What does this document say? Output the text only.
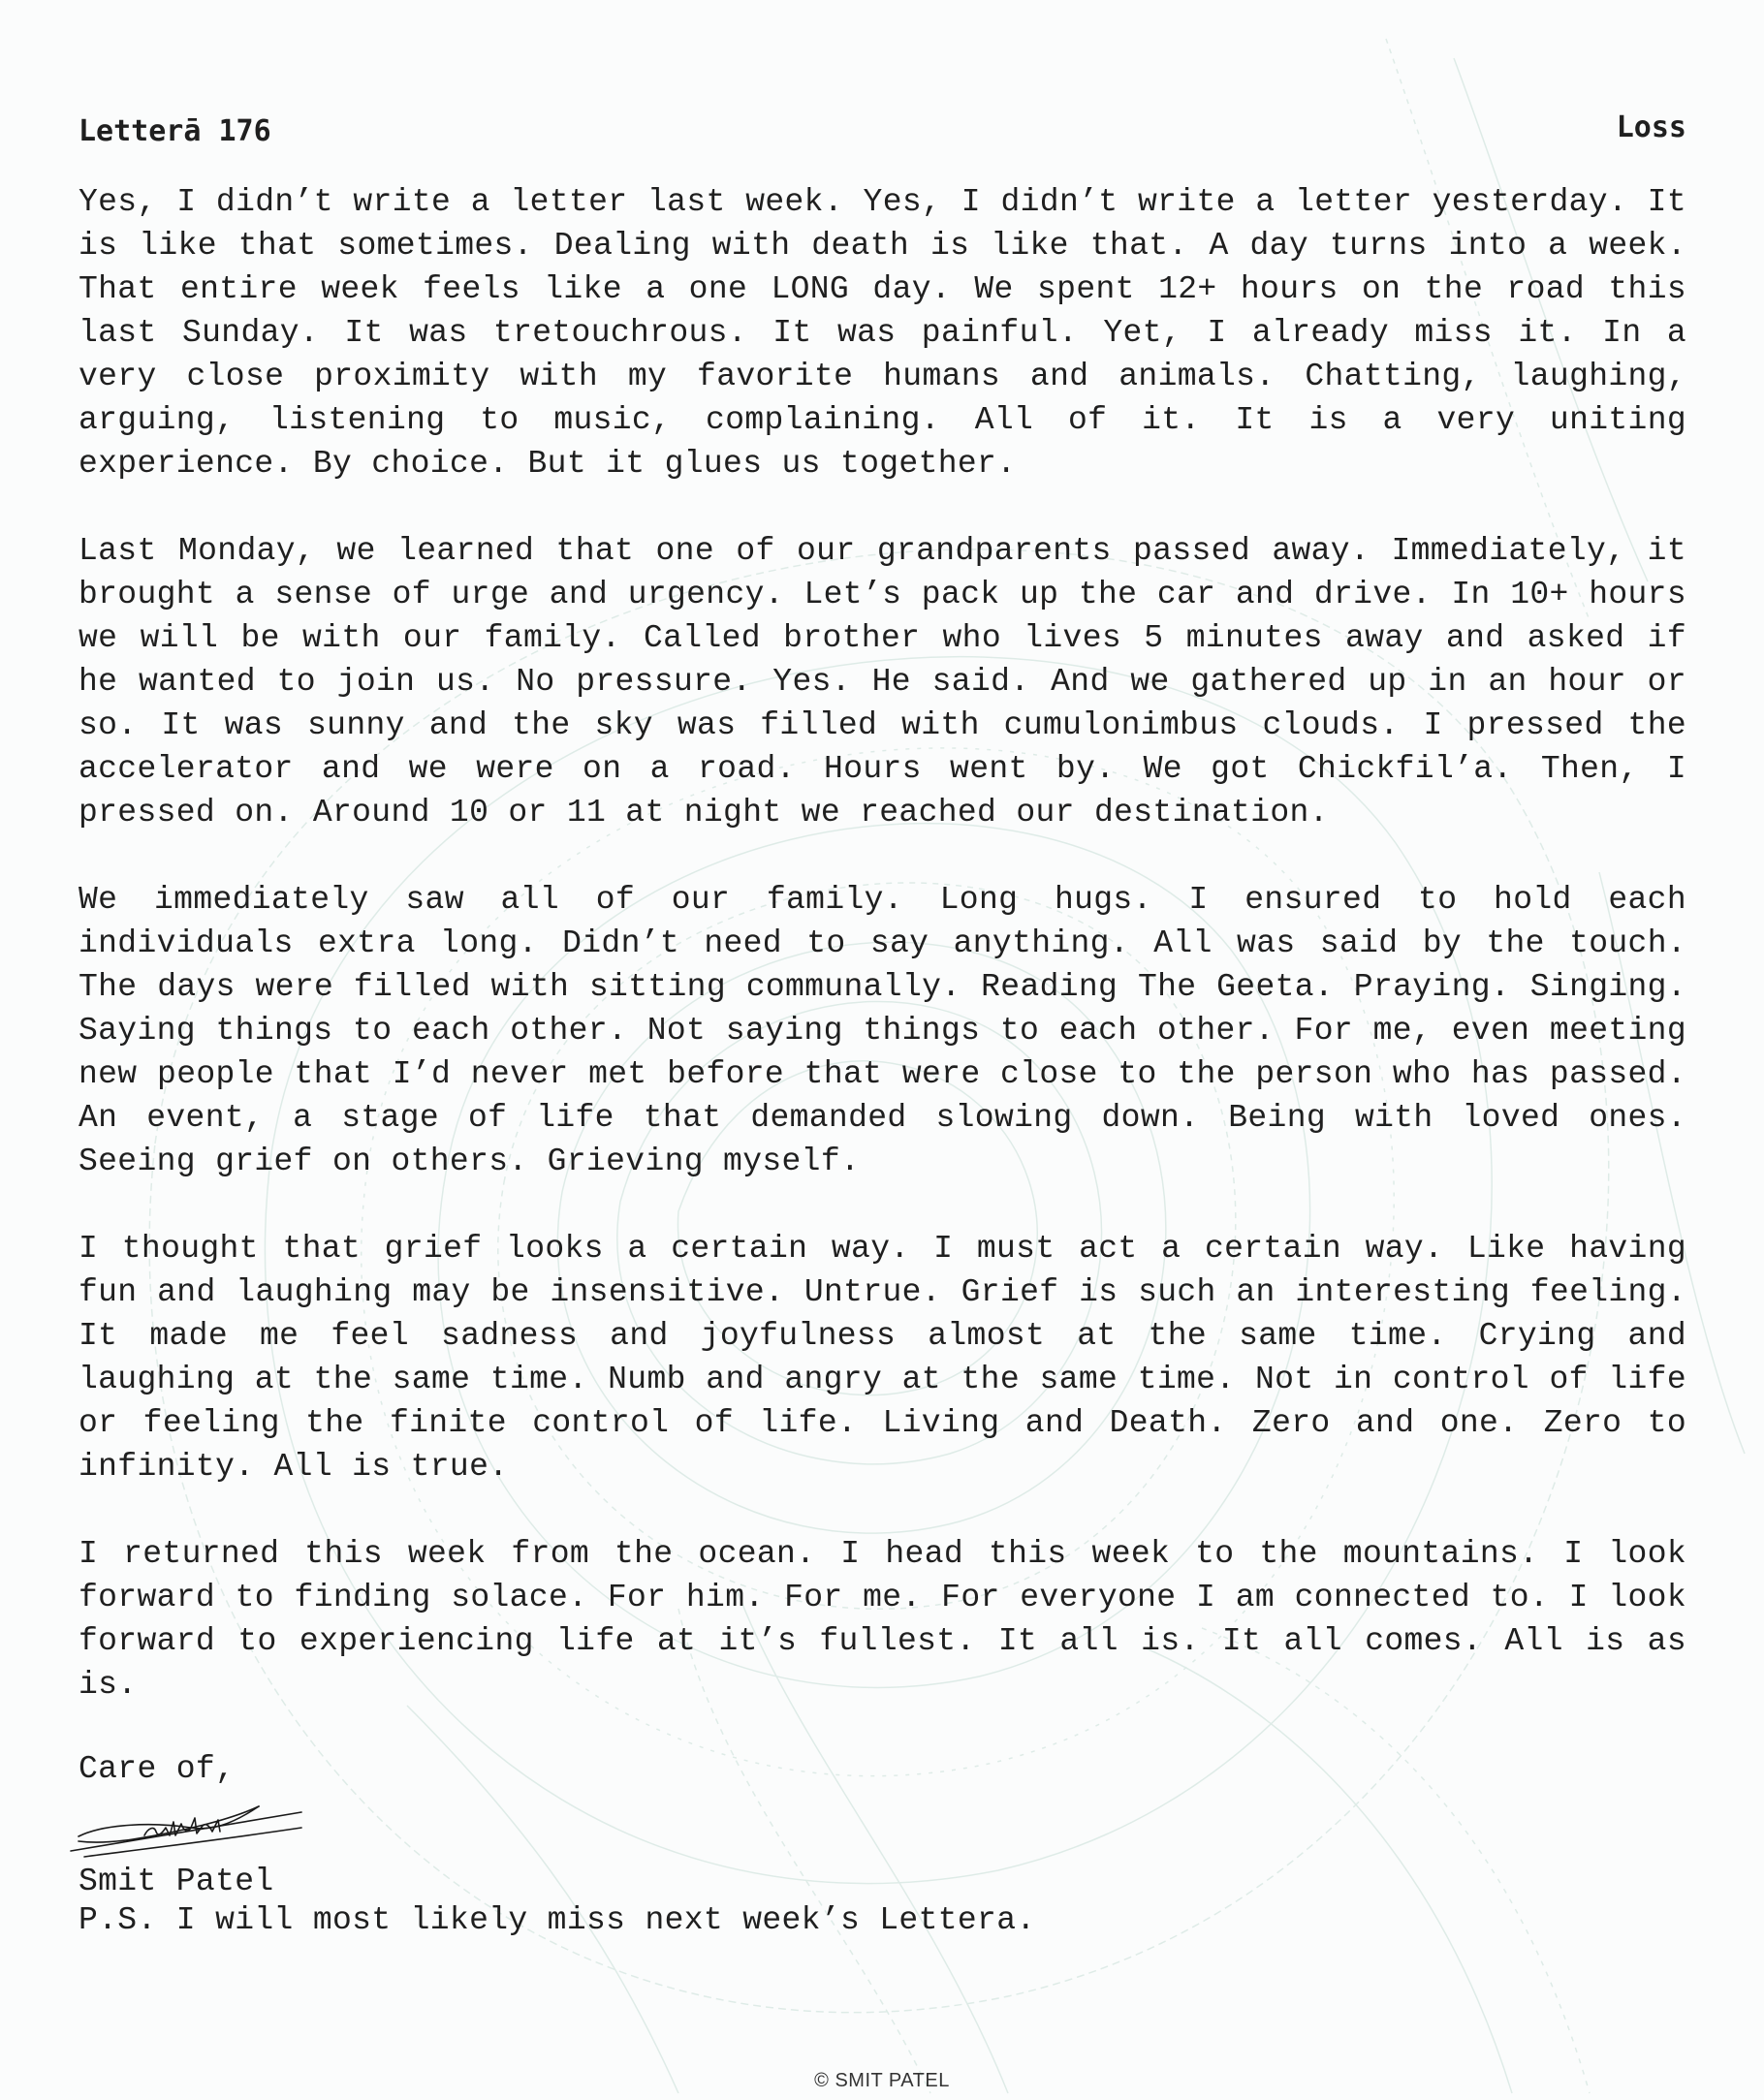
Letterā 176	Loss

Yes, I didn’t write a letter last week. Yes, I didn’t write a letter yesterday. It is like that sometimes. Dealing with death is like that. A day turns into a week. That entire week feels like a one LONG day. We spent 12+ hours on the road this last Sunday. It was tretouchrous. It was painful. Yet, I already miss it. In a very close proximity with my favorite humans and animals. Chatting, laughing, arguing, listening to music, complaining. All of it. It is a very uniting experience. By choice. But it glues us together.

Last Monday, we learned that one of our grandparents passed away. Immediately, it brought a sense of urge and urgency. Let’s pack up the car and drive. In 10+ hours we will be with our family. Called brother who lives 5 minutes away and asked if he wanted to join us. No pressure. Yes. He said. And we gathered up in an hour or so. It was sunny and the sky was filled with cumulonimbus clouds. I pressed the accelerator and we were on a road. Hours went by. We got Chickfil’a. Then, I pressed on. Around 10 or 11 at night we reached our destination.

We immediately saw all of our family. Long hugs. I ensured to hold each individuals extra long. Didn’t need to say anything. All was said by the touch. The days were filled with sitting communally. Reading The Geeta. Praying. Singing. Saying things to each other. Not saying things to each other. For me, even meeting new people that I’d never met before that were close to the person who has passed. An event, a stage of life that demanded slowing down. Being with loved ones. Seeing grief on others. Grieving myself.

I thought that grief looks a certain way. I must act a certain way. Like having fun and laughing may be insensitive. Untrue. Grief is such an interesting feeling. It made me feel sadness and joyfulness almost at the same time. Crying and laughing at the same time. Numb and angry at the same time. Not in control of life or feeling the finite control of life. Living and Death. Zero and one. Zero to infinity. All is true.

I returned this week from the ocean. I head this week to the mountains. I look forward to finding solace. For him. For me. For everyone I am connected to. I look forward to experiencing life at it’s fullest. It all is. It all comes. All is as is.

Care of,
Smit Patel
P.S. I will most likely miss next week’s Lettera.
© SMIT PATEL
